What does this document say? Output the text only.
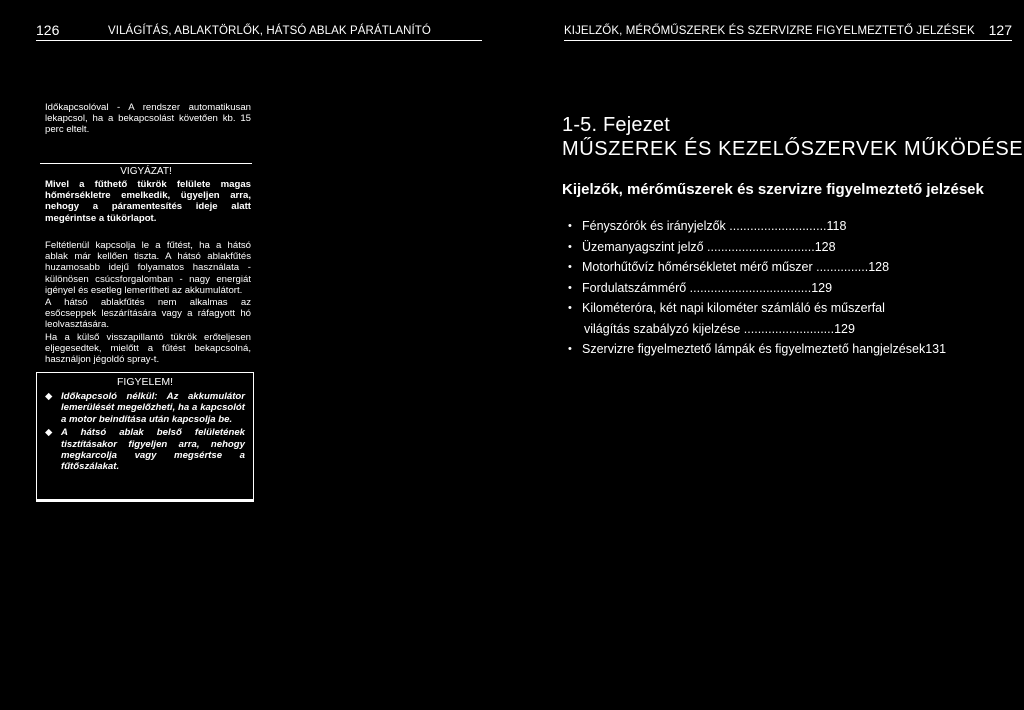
126	VILÁGÍTÁS, ABLAKTÖRLŐK, HÁTSÓ ABLAK PÁRÁTLANÍTÓ

Időkapcsolóval - A rendszer automatikusan lekapcsol, ha a bekapcsolást követően kb. 15 perc eltelt.

VIGYÁZAT!

Mivel a fűthető tükrök felülete magas hőmérsékletre emelkedik, ügyeljen arra, nehogy a páramentesítés ideje alatt megérintse a tükörlapot.

Feltétlenül kapcsolja le a fűtést, ha a hátsó ablak már kellően tiszta. A hátsó ablakfűtés huzamosabb idejű folyamatos használata - különösen csúcsforgalomban - nagy energiát igényel és esetleg lemerítheti az akkumulátort.

A hátsó ablakfűtés nem alkalmas az esőcseppek leszárítására vagy a ráfagyott hó leolvasztására.

Ha a külső visszapillantó tükrök erőteljesen eljegesedtek, mielőtt a fűtést bekapcsolná, használjon jégoldó spray-t.

FIGYELEM!
◆ Időkapcsoló nélkül: Az akkumulátor lemerülését megelőzheti, ha a kapcsolót a motor beindítása után kapcsolja be.
◆ A hátsó ablak belső felületének tisztításakor figyeljen arra, nehogy megkarcolja vagy megsértse a fűtőszálakat.
KIJELZŐK, MÉRŐMŰSZEREK ÉS SZERVIZRE FIGYELMEZTETŐ JELZÉSEK 127
1-5. Fejezet
MŰSZEREK ÉS KEZELŐSZERVEK MŰKÖDÉSE
Kijelzők, mérőműszerek és szervizre figyelmeztető jelzések
• Fényszórók és irányjelzők ............................118
• Üzemanyagszint jelző ...............................128
• Motorhűtővíz hőmérsékletet mérő műszer ...............128
• Fordulatszámmérő ...................................129
• Kilométeróra, két napi kilométer számláló és műszerfal
világítás szabályzó kijelzése ..........................129
• Szervizre figyelmeztető lámpák és figyelmeztető hangjelzések131
